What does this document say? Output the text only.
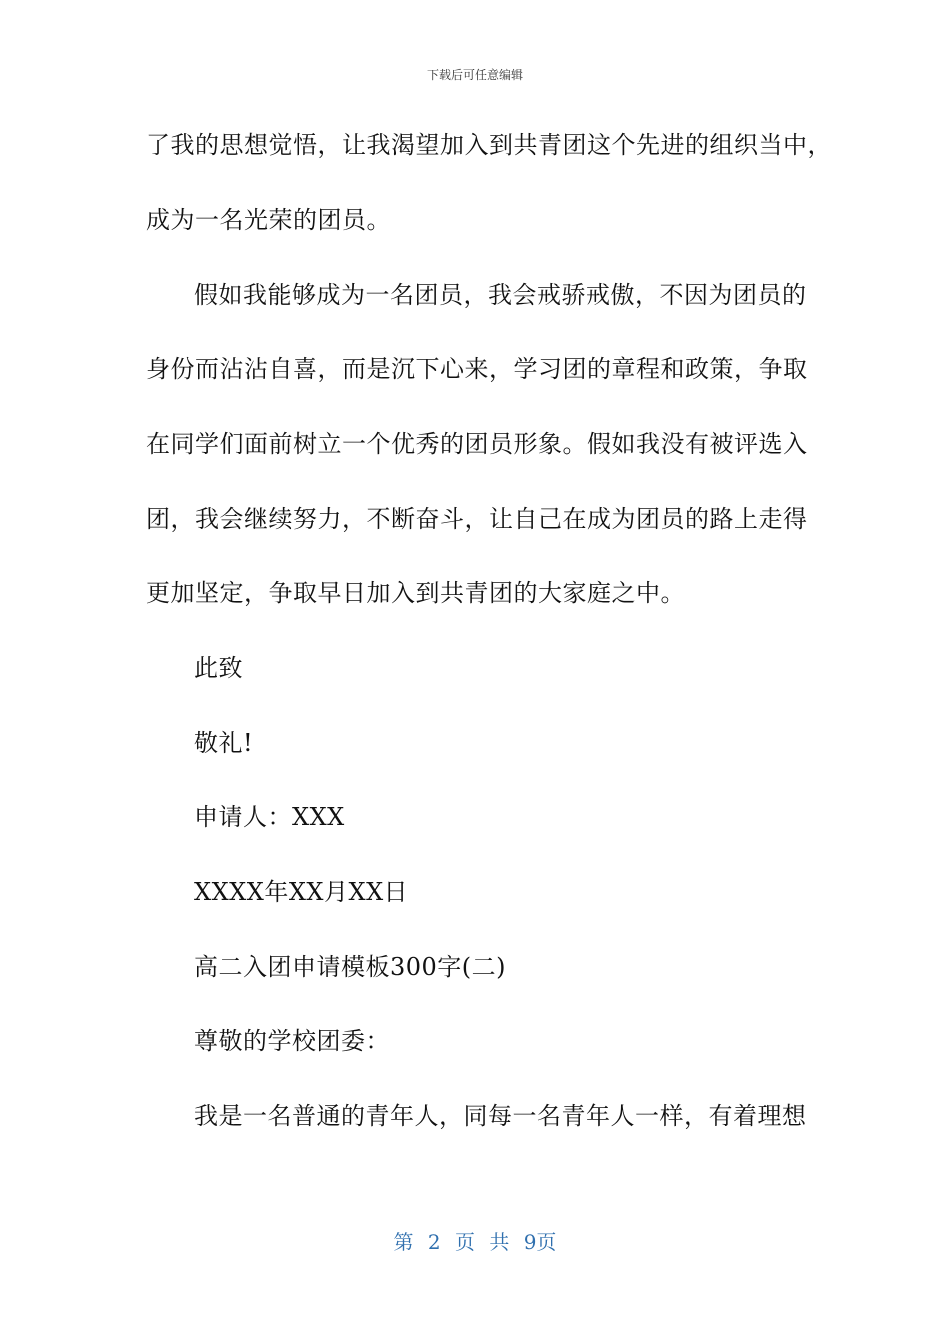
下载后可任意编辑
了我的思想觉悟，让我渴望加入到共青团这个先进的组织当中，
成为一名光荣的团员。
假如我能够成为一名团员，我会戒骄戒傲，不因为团员的
身份而沾沾自喜，而是沉下心来，学习团的章程和政策，争取
在同学们面前树立一个优秀的团员形象。假如我没有被评选入
团，我会继续努力，不断奋斗，让自己在成为团员的路上走得
更加坚定，争取早日加入到共青团的大家庭之中。
此致
敬礼!
申请人：XXX
XXXX年XX月XX日
高二入团申请模板300字(二)
尊敬的学校团委：
我是一名普通的青年人，同每一名青年人一样，有着理想
第 2 页 共 9页
